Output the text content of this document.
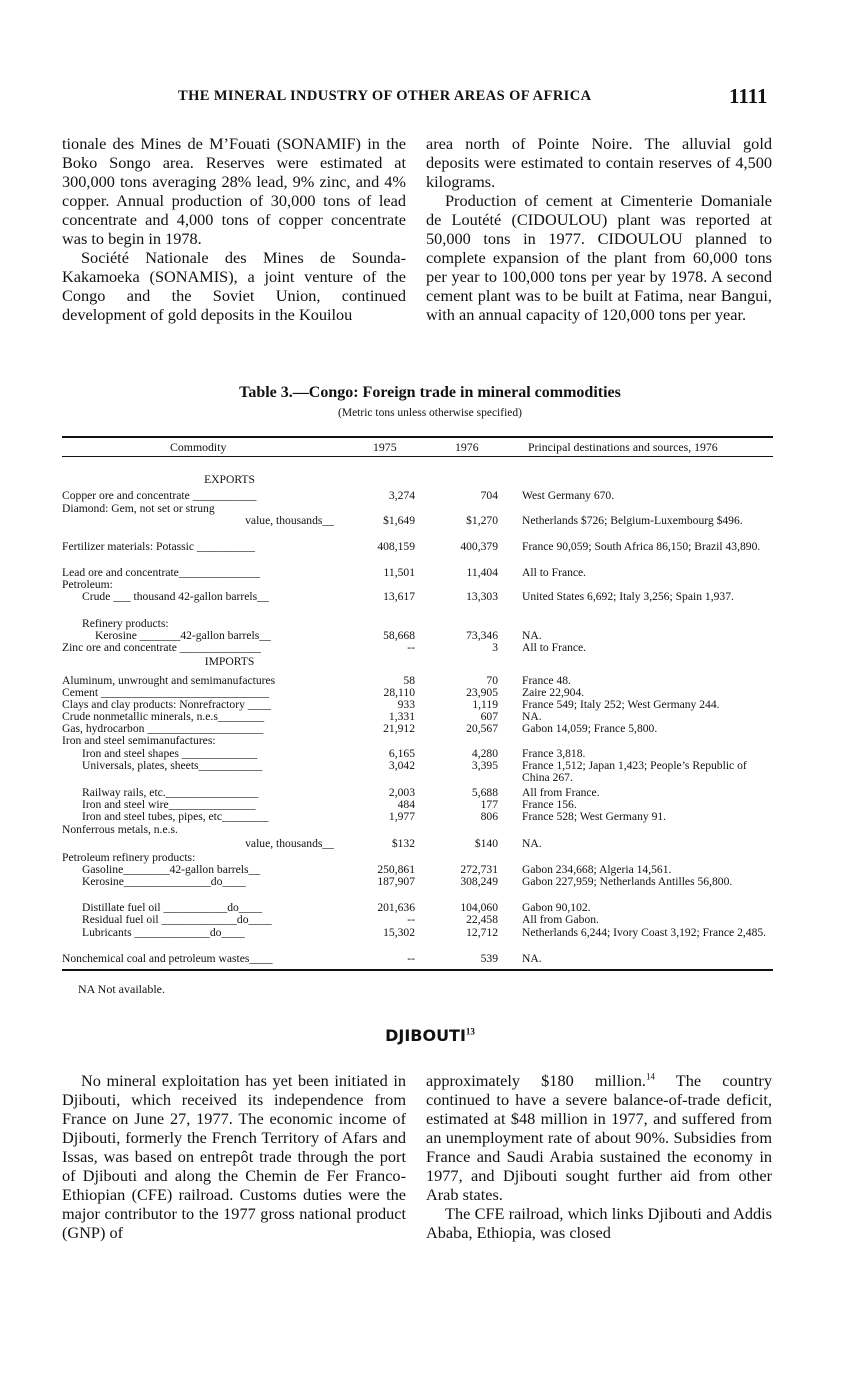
THE MINERAL INDUSTRY OF OTHER AREAS OF AFRICA	1111

tionale des Mines de M’Fouati (SONAMIF) in the Boko Songo area. Reserves were estimated at 300,000 tons averaging 28% lead, 9% zinc, and 4% copper. Annual production of 30,000 tons of lead concentrate and 4,000 tons of copper concentrate was to begin in 1978.

Société Nationale des Mines de Sounda-Kakamoeka (SONAMIS), a joint venture of the Congo and the Soviet Union, continued development of gold deposits in the Kouilou

area north of Pointe Noire. The alluvial gold deposits were estimated to contain reserves of 4,500 kilograms.

Production of cement at Cimenterie Domaniale de Loutété (CIDOULOU) plant was reported at 50,000 tons in 1977. CIDOULOU planned to complete expansion of the plant from 60,000 tons per year to 100,000 tons per year by 1978. A second cement plant was to be built at Fatima, near Bangui, with an annual capacity of 120,000 tons per year.

Table 3.—Congo: Foreign trade in mineral commodities
(Metric tons unless otherwise specified)
Commodity	1975	1976	Principal destinations and sources, 1976
EXPORTS
Copper ore and concentrate ___________	3,274	704 West Germany 670.
Diamond: Gem, not set or strung
value, thousands__	$1,649	$1,270 Netherlands $726; Belgium-Luxembourg $496.
Fertilizer materials: Potassic __________	408,159	400,379 France 90,059; South Africa 86,150; Brazil 43,890.
Lead ore and concentrate______________	11,501	11,404 All to France.
Petroleum:
Crude ___ thousand 42-gallon barrels__	13,617	13,303 United States 6,692; Italy 3,256; Spain 1,937.
Refinery products:
Kerosine _______42-gallon barrels__	58,668	73,346 NA.
Zinc ore and concentrate ______________	--	3 All to France.
IMPORTS
Aluminum, unwrought and semimanufactures	58	70 France 48.
Cement _____________________________	28,110	23,905 Zaire 22,904.
Clays and clay products: Nonrefractory ____	933	1,119 France 549; Italy 252; West Germany 244.
Crude nonmetallic minerals, n.e.s________	1,331	607 NA.
Gas, hydrocarbon ____________________	21,912	20,567 Gabon 14,059; France 5,800.
Iron and steel semimanufactures:
Iron and steel shapes _____________	6,165	4,280 France 3,818.
Universals, plates, sheets___________	3,042	3,395 France 1,512; Japan 1,423; People’s Republic of China 267.
Railway rails, etc.________________	2,003	5,688 All from France.
Iron and steel wire_______________	484	177 France 156.
Iron and steel tubes, pipes, etc________	1,977	806 France 528; West Germany 91.
Nonferrous metals, n.e.s.
value, thousands__	$132	$140 NA.
Petroleum refinery products:
Gasoline________42-gallon barrels__	250,861	272,731 Gabon 234,668; Algeria 14,561.
Kerosine_______________do____	187,907	308,249 Gabon 227,959; Netherlands Antilles 56,800.
Distillate fuel oil ___________do____	201,636	104,060 Gabon 90,102.
Residual fuel oil _____________do____	--	22,458 All from Gabon.
Lubricants _____________do____	15,302	12,712 Netherlands 6,244; Ivory Coast 3,192; France 2,485.
Nonchemical coal and petroleum wastes____	--	539 NA.
NA Not available.
DJIBOUTI$^{13}$

No mineral exploitation has yet been initiated in Djibouti, which received its independence from France on June 27, 1977. The economic income of Djibouti, formerly the French Territory of Afars and Issas, was based on entrepôt trade through the port of Djibouti and along the Chemin de Fer Franco-Ethiopian (CFE) railroad. Customs duties were the major contributor to the 1977 gross national product (GNP) of

approximately $180 million.$^{14}$ The country continued to have a severe balance-of-trade deficit, estimated at $48 million in 1977, and suffered from an unemployment rate of about 90%. Subsidies from France and Saudi Arabia sustained the economy in 1977, and Djibouti sought further aid from other Arab states.

The CFE railroad, which links Djibouti and Addis Ababa, Ethiopia, was closed
